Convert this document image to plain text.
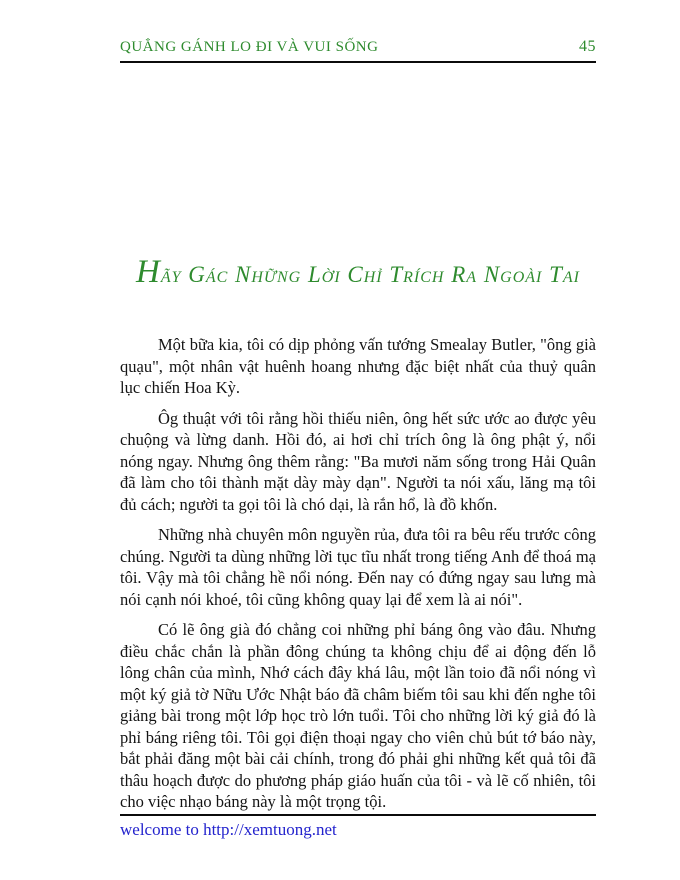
QUẲNG GÁNH LO ĐI VÀ VUI SỐNG	45
Hãy Gác Những Lời Chỉ Trích Ra Ngoài Tai

Một bữa kia, tôi có dịp phỏng vấn tướng Smealay Butler, "ông già quạu", một nhân vật huênh hoang nhưng đặc biệt nhất của thuỷ quân lục chiến Hoa Kỳ.

Ôg thuật với tôi rằng hồi thiếu niên, ông hết sức ước ao được yêu chuộng và lừng danh. Hồi đó, ai hơi chỉ trích ông là ông phật ý, nổi nóng ngay. Nhưng ông thêm rằng: "Ba mươi năm sống trong Hải Quân đã làm cho tôi thành mặt dày mày dạn". Người ta nói xấu, lăng mạ tôi đủ cách; người ta gọi tôi là chó dại, là rắn hổ, là đồ khốn.

Những nhà chuyên môn nguyền rủa, đưa tôi ra bêu rếu trước công chúng. Người ta dùng những lời tục tĩu nhất trong tiếng Anh để thoá mạ tôi. Vậy mà tôi chẳng hề nổi nóng. Đến nay có đứng ngay sau lưng mà nói cạnh nói khoé, tôi cũng không quay lại để xem là ai nói".

Có lẽ ông già đó chẳng coi những phỉ báng ông vào đâu. Nhưng điều chắc chắn là phần đông chúng ta không chịu để ai động đến lỗ lông chân của mình, Nhớ cách đây khá lâu, một lần toio đã nổi nóng vì một ký giả tờ Nữu Ước Nhật báo đã châm biếm tôi sau khi đến nghe tôi giảng bài trong một lớp học trò lớn tuổi. Tôi cho những lời ký giả đó là phỉ báng riêng tôi. Tôi gọi điện thoại ngay cho viên chủ bút tớ báo này, bắt phải đăng một bài cải chính, trong đó phải ghi những kết quả tôi đã thâu hoạch được do phương pháp giáo huấn của tôi - và lẽ cố nhiên, tôi cho việc nhạo báng này là một trọng tội.

welcome to http://xemtuong.net
